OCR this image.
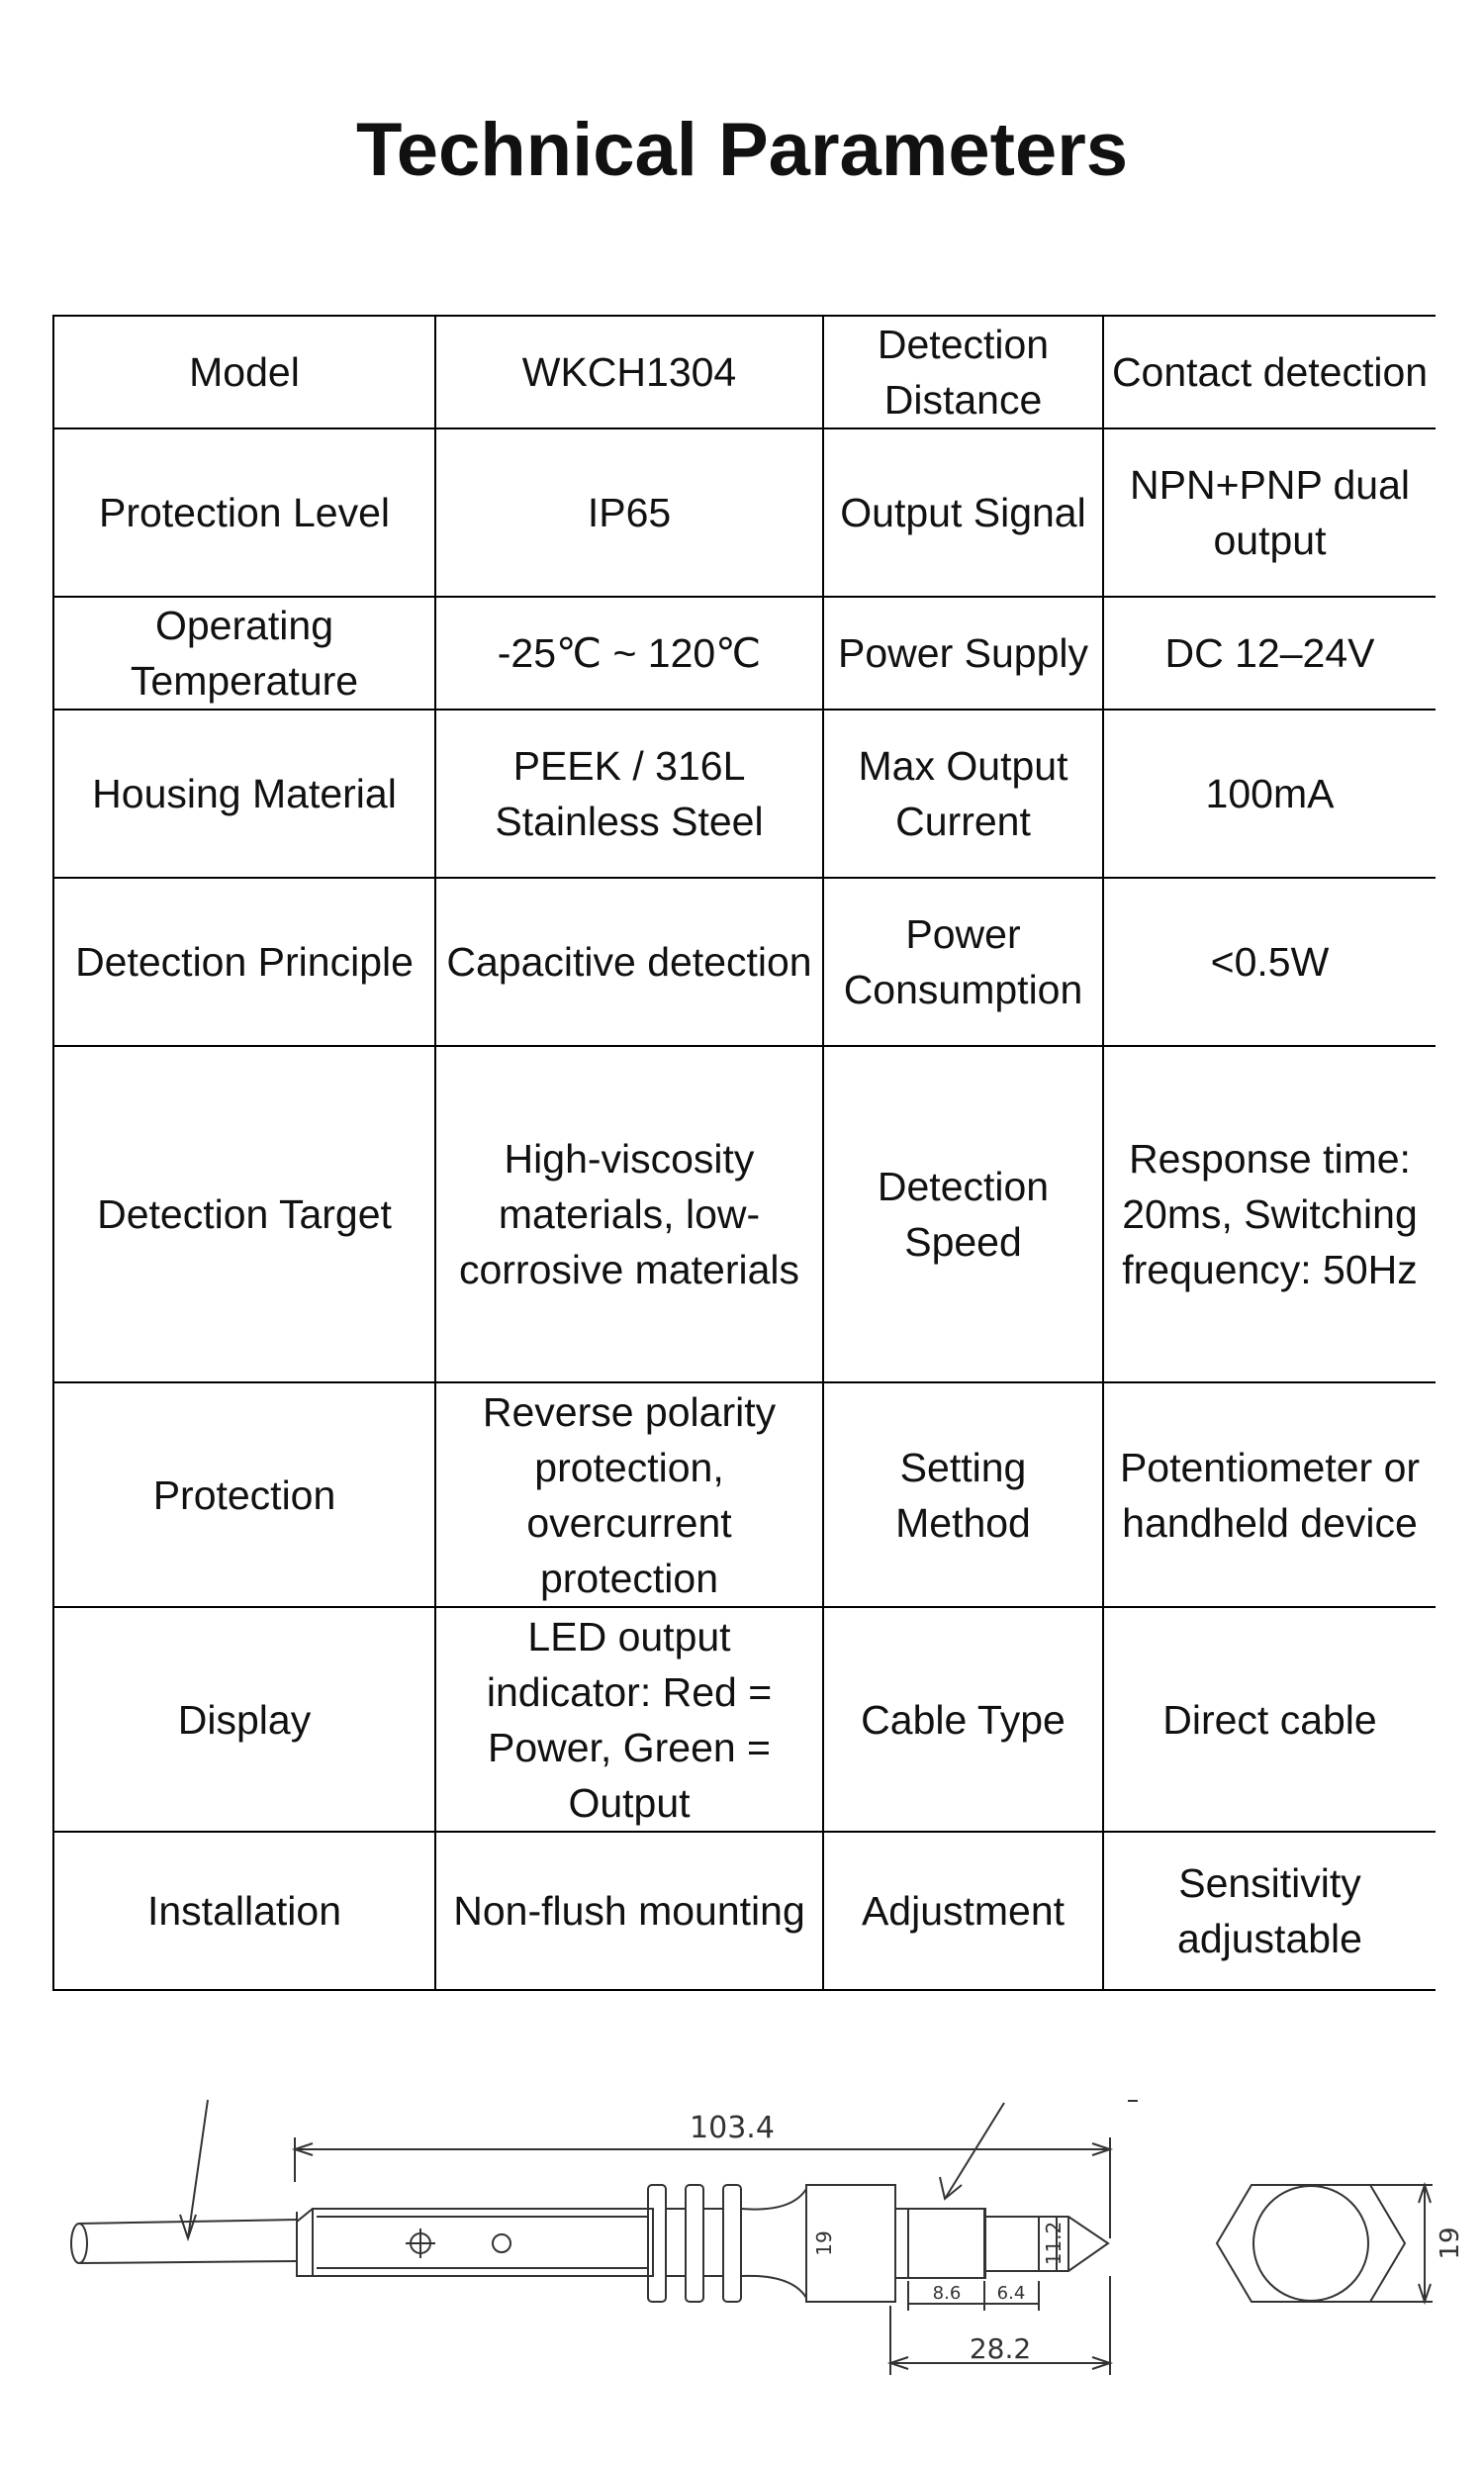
Technical Parameters
Model	WKCH1304	Detection Distance	Contact detection
Protection Level	IP65	Output Signal	NPN+PNP dual output
Operating Temperature	-25℃ ~ 120℃	Power Supply	DC 12–24V
Housing Material	PEEK / 316L Stainless Steel	Max Output Current	100mA
Detection Principle	Capacitive detection	Power Consumption	<0.5W
Detection Target	High-viscosity materials, low-corrosive materials	Detection Speed	Response time: 20ms, Switching frequency: 50Hz
Protection	Reverse polarity protection, overcurrent protection	Setting Method	Potentiometer or handheld device
Display	LED output indicator: Red = Power, Green = Output	Cable Type	Direct cable
Installation	Non-flush mounting	Adjustment	Sensitivity adjustable
103.4
19	11.2
8.6 6.4
28.2
19
